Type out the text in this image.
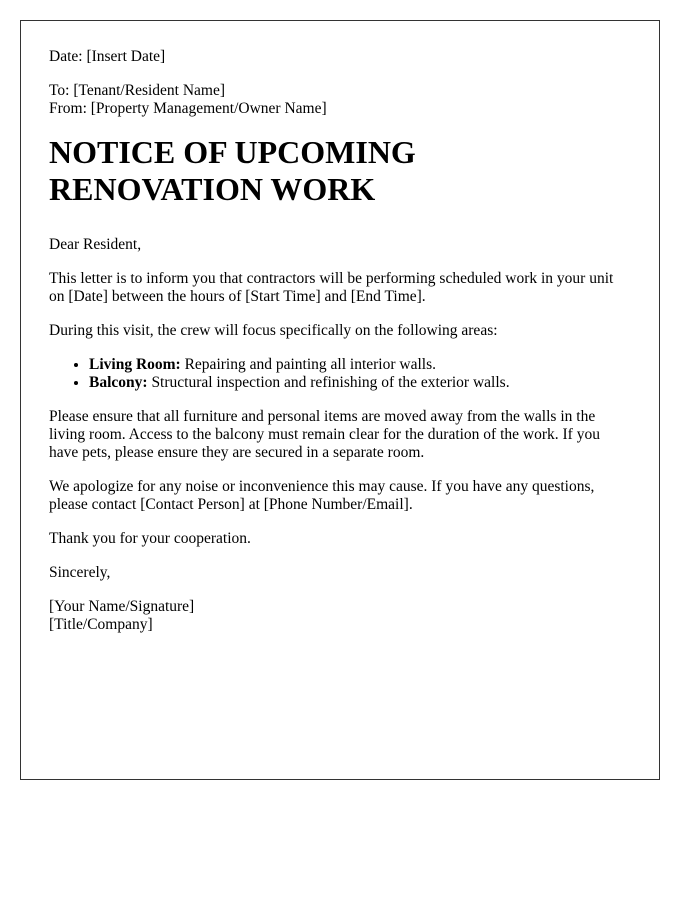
Date: [Insert Date]

To: [Tenant/Resident Name]

From: [Property Management/Owner Name]

NOTICE OF UPCOMING
RENOVATION WORK

Dear Resident,

This letter is to inform you that contractors will be performing scheduled work in your unit on [Date] between the hours of [Start Time] and [End Time].

During this visit, the crew will focus specifically on the following areas:

• Living Room: Repairing and painting all interior walls.
• Balcony: Structural inspection and refinishing of the exterior walls.

Please ensure that all furniture and personal items are moved away from the walls in the living room. Access to the balcony must remain clear for the duration of the work. If you have pets, please ensure they are secured in a separate room.

We apologize for any noise or inconvenience this may cause. If you have any questions, please contact [Contact Person] at [Phone Number/Email].

Thank you for your cooperation.

Sincerely,

[Your Name/Signature]

[Title/Company]
